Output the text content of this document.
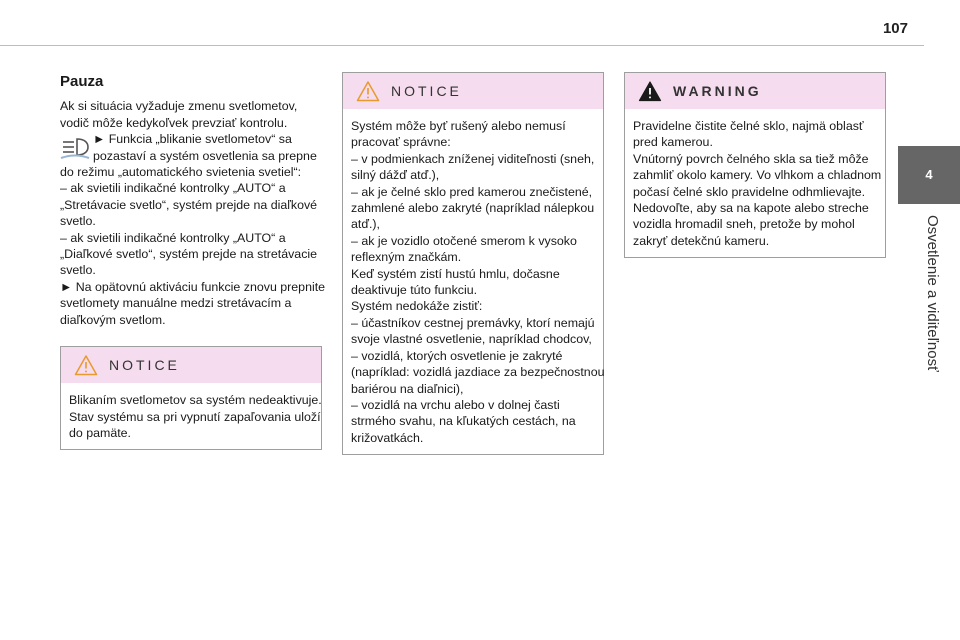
107
4
Osvetlenie a viditeľnosť
Pauza
Ak si situácia vyžaduje zmenu svetlometov,
vodič môže kedykoľvek prevziať kontrolu.
► Funkcia „blikanie svetlometov“ sa
pozastaví a systém osvetlenia sa prepne
do režimu „automatického svietenia svetiel“:
– ak svietili indikačné kontrolky „AUTO“ a
„Stretávacie svetlo“, systém prejde na diaľkové
svetlo.
– ak svietili indikačné kontrolky „AUTO“ a
„Diaľkové svetlo“, systém prejde na stretávacie
svetlo.
► Na opätovnú aktiváciu funkcie znovu prepnite
svetlomety manuálne medzi stretávacím a
diaľkovým svetlom.
NOTICE
Blikaním svetlometov sa systém nedeaktivuje.
Stav systému sa pri vypnutí zapaľovania uloží
do pamäte.
NOTICE
Systém môže byť rušený alebo nemusí
pracovať správne:
– v podmienkach zníženej viditeľnosti (sneh,
silný dážď atď.),
– ak je čelné sklo pred kamerou znečistené,
zahmlené alebo zakryté (napríklad nálepkou
atď.),
– ak je vozidlo otočené smerom k vysoko
reflexným značkám.
Keď systém zistí hustú hmlu, dočasne
deaktivuje túto funkciu.
Systém nedokáže zistiť:
– účastníkov cestnej premávky, ktorí nemajú
svoje vlastné osvetlenie, napríklad chodcov,
– vozidlá, ktorých osvetlenie je zakryté
(napríklad: vozidlá jazdiace za bezpečnostnou
bariérou na diaľnici),
– vozidlá na vrchu alebo v dolnej časti
strmého svahu, na kľukatých cestách, na
križovatkách.
WARNING
Pravidelne čistite čelné sklo, najmä oblasť
pred kamerou.
Vnútorný povrch čelného skla sa tiež môže
zahmliť okolo kamery. Vo vlhkom a chladnom
počasí čelné sklo pravidelne odhmlievajte.
Nedovoľte, aby sa na kapote alebo streche
vozidla hromadil sneh, pretože by mohol
zakryť detekčnú kameru.
